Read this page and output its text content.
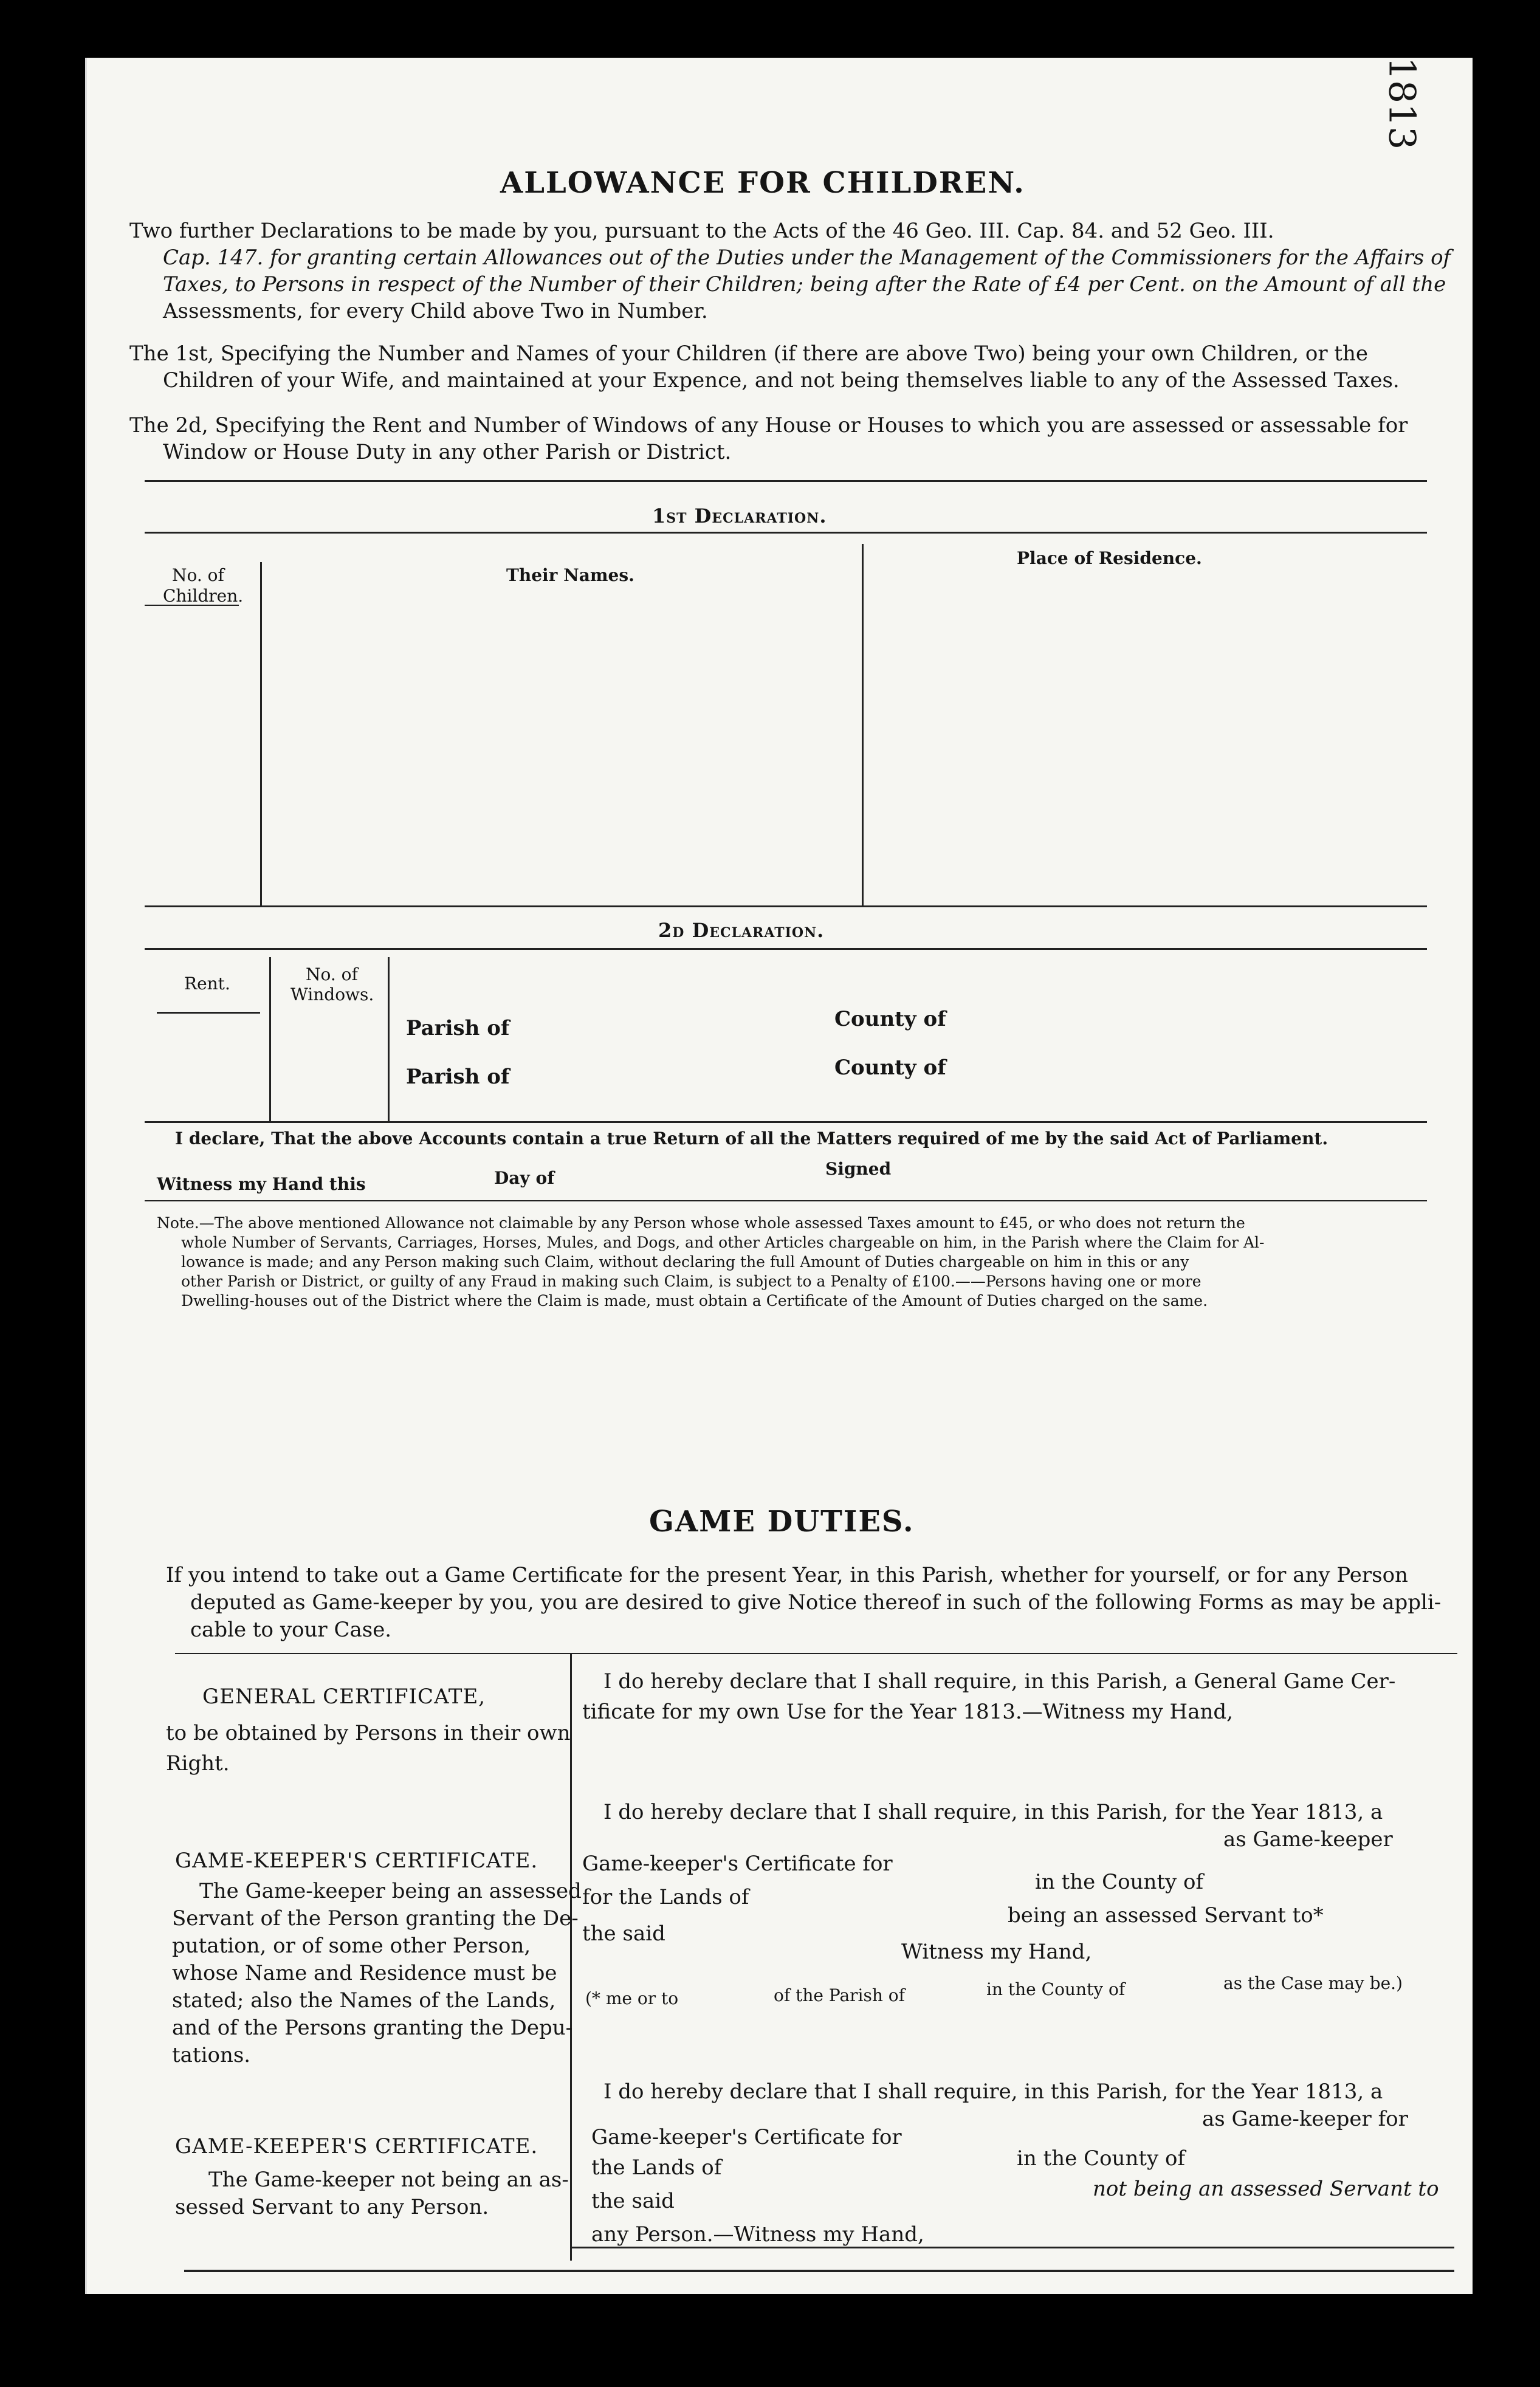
1813
ALLOWANCE FOR CHILDREN.
Two further Declarations to be made by you, pursuant to the Acts of the 46 Geo. III. Cap. 84. and 52 Geo. III.
Cap. 147. for granting certain Allowances out of the Duties under the Management of the Commissioners for the Affairs of
Taxes, to Persons in respect of the Number of their Children; being after the Rate of £4 per Cent. on the Amount of all the
Assessments, for every Child above Two in Number.
The 1st, Specifying the Number and Names of your Children (if there are above Two) being your own Children, or the
Children of your Wife, and maintained at your Expence, and not being themselves liable to any of the Assessed Taxes.
The 2d, Specifying the Rent and Number of Windows of any House or Houses to which you are assessed or assessable for
Window or House Duty in any other Parish or District.
1st Declaration.
No. of
Children.
Their Names.
Place of Residence.
2d Declaration.
Rent.	No. of
Windows.
Parish of	County of
Parish of	County of
I declare, That the above Accounts contain a true Return of all the Matters required of me by the said Act of Parliament.
Witness my Hand this	Day of	Signed
Note.—The above mentioned Allowance not claimable by any Person whose whole assessed Taxes amount to £45, or who does not return the
whole Number of Servants, Carriages, Horses, Mules, and Dogs, and other Articles chargeable on him, in the Parish where the Claim for Al-
lowance is made; and any Person making such Claim, without declaring the full Amount of Duties chargeable on him in this or any
other Parish or District, or guilty of any Fraud in making such Claim, is subject to a Penalty of £100.——Persons having one or more
Dwelling-houses out of the District where the Claim is made, must obtain a Certificate of the Amount of Duties charged on the same.
GAME DUTIES.
If you intend to take out a Game Certificate for the present Year, in this Parish, whether for yourself, or for any Person
deputed as Game-keeper by you, you are desired to give Notice thereof in such of the following Forms as may be appli-
cable to your Case.
GENERAL CERTIFICATE,
to be obtained by Persons in their own
Right.
I do hereby declare that I shall require, in this Parish, a General Game Cer-
tificate for my own Use for the Year 1813.—Witness my Hand,
GAME-KEEPER'S CERTIFICATE.
The Game-keeper being an assessed
Servant of the Person granting the De-
putation, or of some other Person,
whose Name and Residence must be
stated; also the Names of the Lands,
and of the Persons granting the Depu-
tations.
I do hereby declare that I shall require, in this Parish, for the Year 1813, a
as Game-keeper
Game-keeper's Certificate for
in the County of
for the Lands of
being an assessed Servant to*
the said
Witness my Hand,
(* me or to	of the Parish of	in the County of	as the Case may be.)
GAME-KEEPER'S CERTIFICATE.
The Game-keeper not being an as-
sessed Servant to any Person.
I do hereby declare that I shall require, in this Parish, for the Year 1813, a
as Game-keeper for
Game-keeper's Certificate for
in the County of
the Lands of
not being an assessed Servant to
the said
any Person.—Witness my Hand,
